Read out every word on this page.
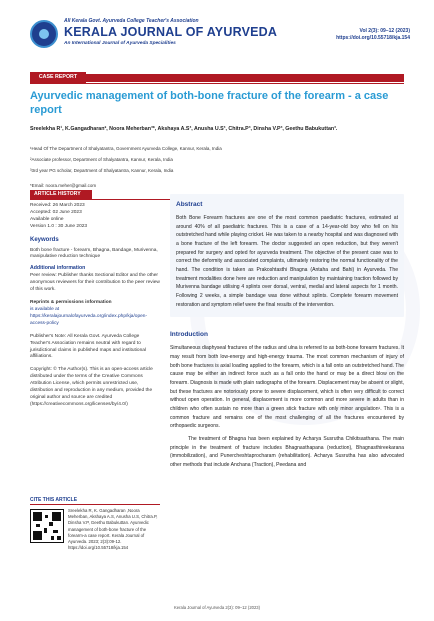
All Kerala Govt. Ayurveda College Teacher's Association
KERALA JOURNAL OF AYURVEDA
An International Journal of Ayurveda Specialities
Vol 2(3): 09–12 (2023)
https://doi.org/10.55718/kja.154
CASE REPORT
Ayurvedic management of both-bone fracture of the forearm - a case report
Sreelekha R¹, K.Gangadharan², Noora Meherban³*, Akshaya A.S³, Anusha U.S³, Chitra.P³, Dinsha V.P³, Geethu Babukuttan³.
¹Head Of The Department of Shalyatantra, Government Ayurveda College, Kannur, Kerala, India
²Associate professor, Department of Shalyatantra, Kannur, Kerala, India
³3rd year PG scholar, Department of Shalyatantra, Kannur, Kerala, India
*Email: noora.meher@gmail.com
ARTICLE HISTORY
Received: 26 March 2023
Accepted: 02 June 2023
Available online
Version 1.0 : 30 June 2023
Keywords
Both bone fracture - forearm, Bhagna, Bandage, Murivenna, manipulative reduction technique
Additional information
Peer review: Publisher thanks Sectional Editor and the other anonymous reviewers for their contribution to the peer review of this work.
Reprints & permissions information
is available at https://keralajournalofayurveda.org/index.php/kja/open-access-policy
Publisher's Note: All Kerala Govt. Ayurveda College Teacher's Association remains neutral with regard to jurisdictional claims in published maps and institutional affiliations.
Copyright: © The Author(s). This is an open-access article distributed under the terms of the Creative Commons Attribution License, which permits unrestricted use, distribution and reproduction in any medium, provided the original author and source are credited (https://creativecommons.org/licenses/by/4.0/)
CITE THIS ARTICLE
Sreelekha R, K. Gangadharan ,Noora Meherban, Akshaya A.S, Anusha U.S, Chitra.P, Dinsha V.P, Geethu Babukuttan. Ayurvedic management of both-bone fracture of the forearm-a case report. Kerala Journal of Ayurveda. 2023; 2(3):09-12. https://doi.org/10.55718/kja.154
Abstract
Both Bone Forearm fractures are one of the most common paediatric fractures, estimated at around 40% of all paediatric fractures. This is a case of a 14-year-old boy who fell on his outstretched hand while playing cricket. He was taken to a nearby hospital and was diagnosed with a bone fracture of the left forearm. The doctor suggested an open reduction, but they weren't prepared for surgery and opted for ayurveda treatment. The objective of the present case was to correct the deformity and associated complaints, ultimately restoring the normal functionality of the hand. The condition is taken as Prakoshtasthi Bhagna (Antaha and Bahi) in Ayurveda. The treatment modalities done here are reduction and manipulation by maintaining traction followed by Murivenna bandage utilising 4 splints over dorsal, ventral, medial and lateral aspects for 1 month. Following 2 weeks, a simple bandage was done without splints. Complete forearm movement restoration and symptom relief were the final results of the intervention.
Introduction
Simultaneous diaphyseal fractures of the radius and ulna is referred to as both-bone forearm fractures. It may result from both low-energy and high-energy trauma. The most common mechanism of injury of both bone fractures is axial loading applied to the forearm, which is a fall onto an outstretched hand. The cause may be either an indirect force such as a fall onto the hand or may be a direct blow on the forearm. Diagnosis is made with plain radiographs of the forearm. Displacement may be absent or slight, but these fractures are notoriously prone to severe displacement, which is often very difficult to correct without open operation. In general, displacement is more common and more severe in adults than in children who often sustain no more than a green stick fracture with only minor angulation¹. This is a common fracture and remains one of the most challenging of all the fractures encountered by orthopaedic surgeons.
The treatment of Bhagna has been explained by Acharya Susrutha Chikitsasthana. The main principle in the treatment of fracture includes Bhagnasthapana (reduction), Bhagnasthireekarana (immobilization), and Punercheshtaprocharam (rehabilitation). Acharya Susrutha has also advocated other methods that include Anchana (Traction), Peedana and
Kerala Journal of Ayurveda 2(3): 09–12 (2023)
